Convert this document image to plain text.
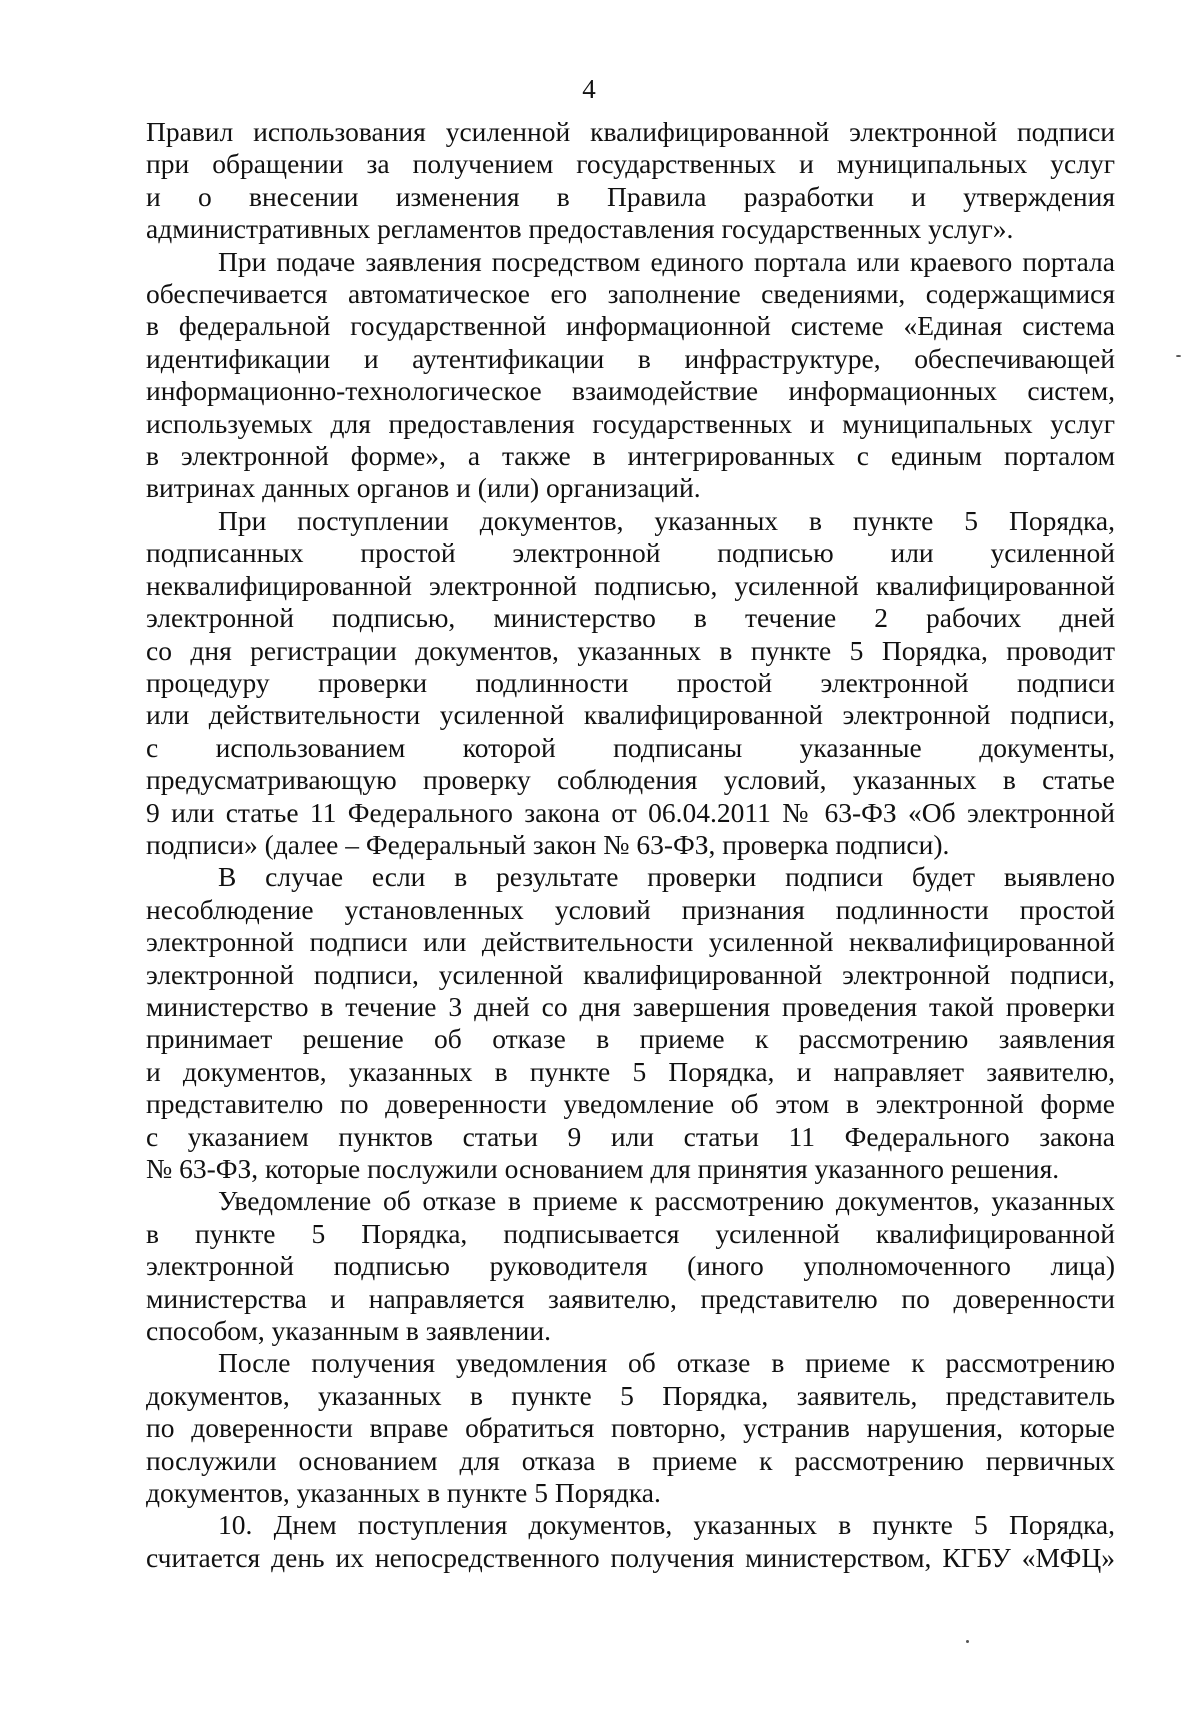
4

Правил использования усиленной квалифицированной электронной подписи
при обращении за получением государственных и муниципальных услуг
и о внесении изменения в Правила разработки и утверждения
административных регламентов предоставления государственных услуг».

При подаче заявления посредством единого портала или краевого портала
обеспечивается автоматическое его заполнение сведениями, содержащимися
в федеральной государственной информационной системе «Единая система
идентификации и аутентификации в инфраструктуре, обеспечивающей
информационно-технологическое взаимодействие информационных систем,
используемых для предоставления государственных и муниципальных услуг
в электронной форме», а также в интегрированных с единым порталом
витринах данных органов и (или) организаций.

При поступлении документов, указанных в пункте 5 Порядка,
подписанных простой электронной подписью или усиленной
неквалифицированной электронной подписью, усиленной квалифицированной
электронной подписью, министерство в течение 2 рабочих дней
со дня регистрации документов, указанных в пункте 5 Порядка, проводит
процедуру проверки подлинности простой электронной подписи
или действительности усиленной квалифицированной электронной подписи,
с использованием которой подписаны указанные документы,
предусматривающую проверку соблюдения условий, указанных в статье
9 или статье 11 Федерального закона от 06.04.2011 № 63-ФЗ «Об электронной
подписи» (далее – Федеральный закон № 63-ФЗ, проверка подписи).

В случае если в результате проверки подписи будет выявлено
несоблюдение установленных условий признания подлинности простой
электронной подписи или действительности усиленной неквалифицированной
электронной подписи, усиленной квалифицированной электронной подписи,
министерство в течение 3 дней со дня завершения проведения такой проверки
принимает решение об отказе в приеме к рассмотрению заявления
и документов, указанных в пункте 5 Порядка, и направляет заявителю,
представителю по доверенности уведомление об этом в электронной форме
с указанием пунктов статьи 9 или статьи 11 Федерального закона
№ 63-ФЗ, которые послужили основанием для принятия указанного решения.

Уведомление об отказе в приеме к рассмотрению документов, указанных
в пункте 5 Порядка, подписывается усиленной квалифицированной
электронной подписью руководителя (иного уполномоченного лица)
министерства и направляется заявителю, представителю по доверенности
способом, указанным в заявлении.

После получения уведомления об отказе в приеме к рассмотрению
документов, указанных в пункте 5 Порядка, заявитель, представитель
по доверенности вправе обратиться повторно, устранив нарушения, которые
послужили основанием для отказа в приеме к рассмотрению первичных
документов, указанных в пункте 5 Порядка.

10. Днем поступления документов, указанных в пункте 5 Порядка,
считается день их непосредственного получения министерством, КГБУ «МФЦ»
